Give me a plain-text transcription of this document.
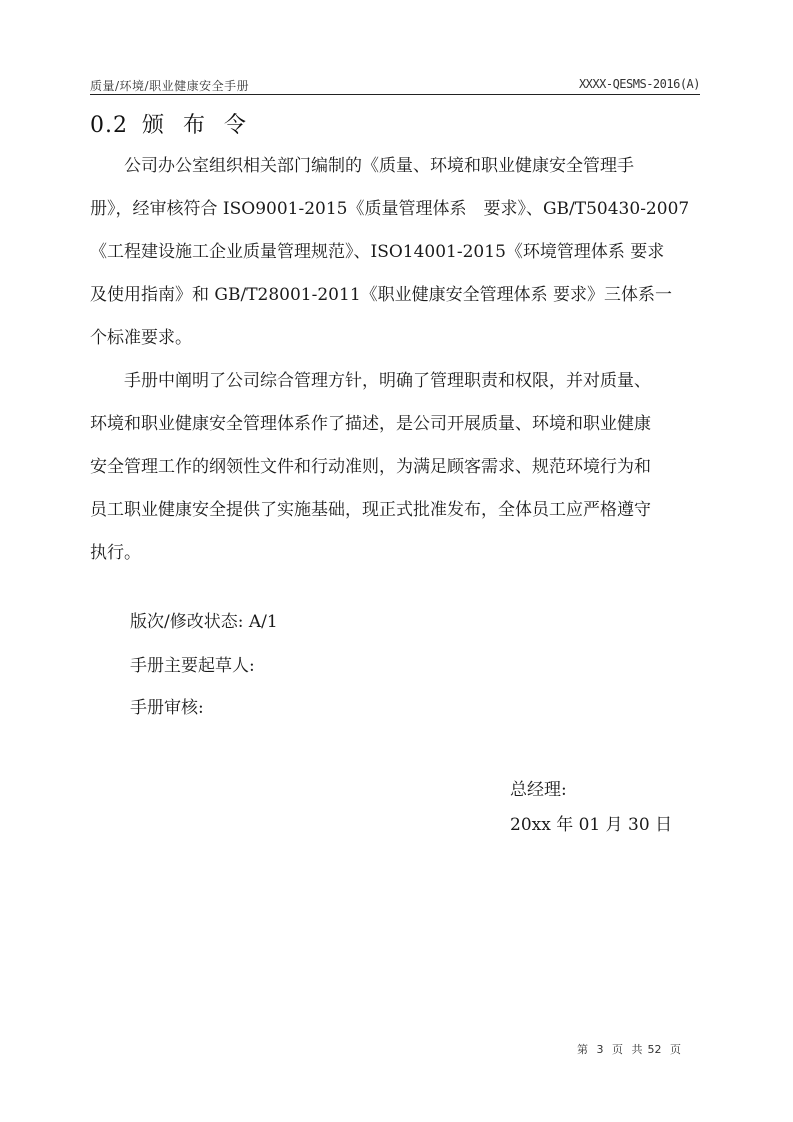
质量/环境/职业健康安全手册	XXXX-QESMS-2016(A)
0.2 颁 布 令
　　公司办公室组织相关部门编制的《质量、环境和职业健康安全管理手
册》，经审核符合 ISO9001-2015《质量管理体系　要求》、GB/T50430-2007
《工程建设施工企业质量管理规范》、ISO14001-2015《环境管理体系 要求
及使用指南》和 GB/T28001-2011《职业健康安全管理体系 要求》三体系一
个标准要求。
　　手册中阐明了公司综合管理方针，明确了管理职责和权限，并对质量、
环境和职业健康安全管理体系作了描述，是公司开展质量、环境和职业健康
安全管理工作的纲领性文件和行动准则，为满足顾客需求、规范环境行为和
员工职业健康安全提供了实施基础，现正式批准发布，全体员工应严格遵守
执行。
版次/修改状态: A/1
手册主要起草人:
手册审核:
总经理:
20xx 年 01 月 30 日
第 3 页 共 52 页
